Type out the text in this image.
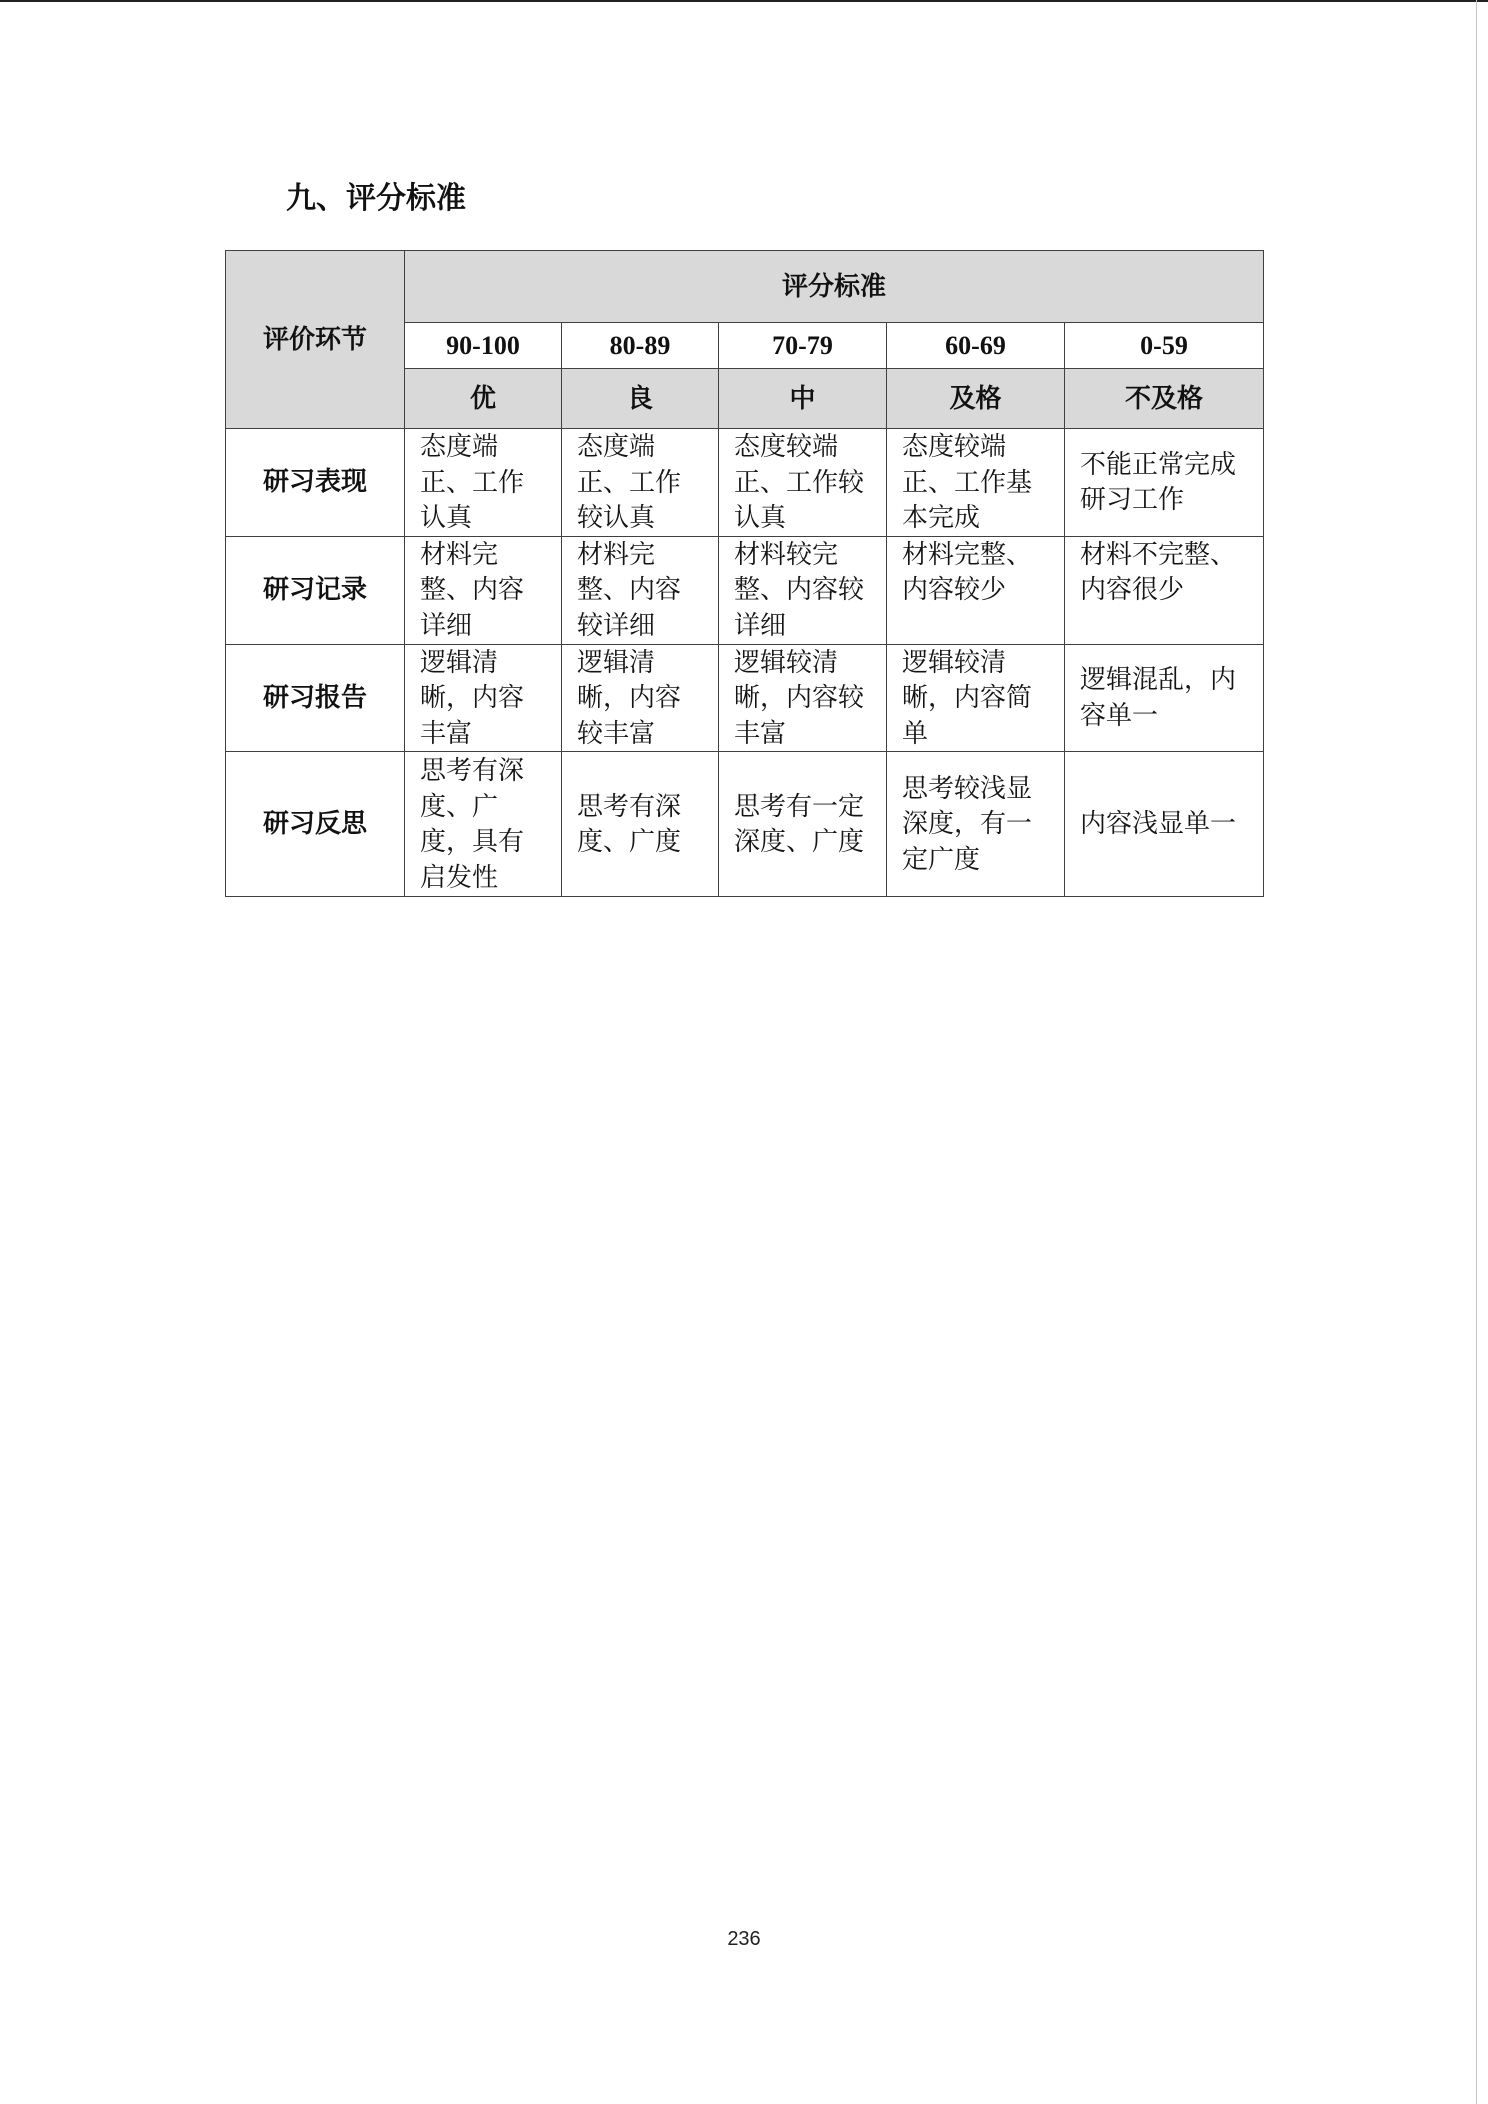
九、评分标准
评价环节	评分标准				
	90-100	80-89	70-79	60-69	0-59
	优	良	中	及格	不及格
研习表现	态度端
正、工作
认真	态度端
正、工作
较认真	态度较端
正、工作较
认真	态度较端
正、工作基
本完成	不能正常完成
研习工作
研习记录	材料完
整、内容
详细	材料完
整、内容
较详细	材料较完
整、内容较
详细	材料完整、
内容较少	材料不完整、
内容很少
研习报告	逻辑清
晰，内容
丰富	逻辑清
晰，内容
较丰富	逻辑较清
晰，内容较
丰富	逻辑较清
晰，内容简
单	逻辑混乱，内
容单一
研习反思	思考有深
度、广
度，具有
启发性	思考有深
度、广度	思考有一定
深度、广度	思考较浅显
深度，有一
定广度	内容浅显单一
236
